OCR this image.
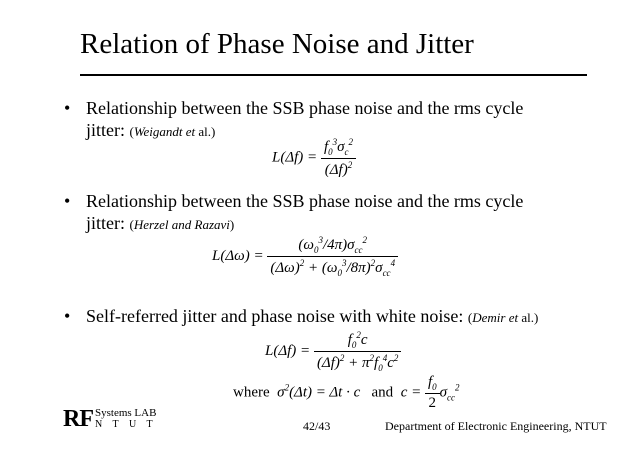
Relation of Phase Noise and Jitter
• Relationship between the SSB phase noise and the rms cycle
jitter: (Weigandt et al.)
$L(\Delta f) = \frac{f_0^3\sigma_c^2}{(\Delta f)^2}$
• Relationship between the SSB phase noise and the rms cycle
jitter: (Herzel and Razavi)
$L(\Delta\omega) = \frac{(\omega_0^3/4\pi)\sigma_{cc}^2}{(\Delta\omega)^2 + (\omega_0^3/8\pi)^2\sigma_{cc}^4}$
• Self-referred jitter and phase noise with white noise: (Demir et al.)
$L(\Delta f) = \frac{f_0^2c}{(\Delta f)^2 + \pi^2f_0^4c^2}$
where  $\sigma^2(\Delta t) = \Delta t \cdot c$   and  $c = \frac{f_0}{2} \sigma_{cc}^2$
RF Systems LAB
N T U T	42/43	Department of Electronic Engineering, NTUT
